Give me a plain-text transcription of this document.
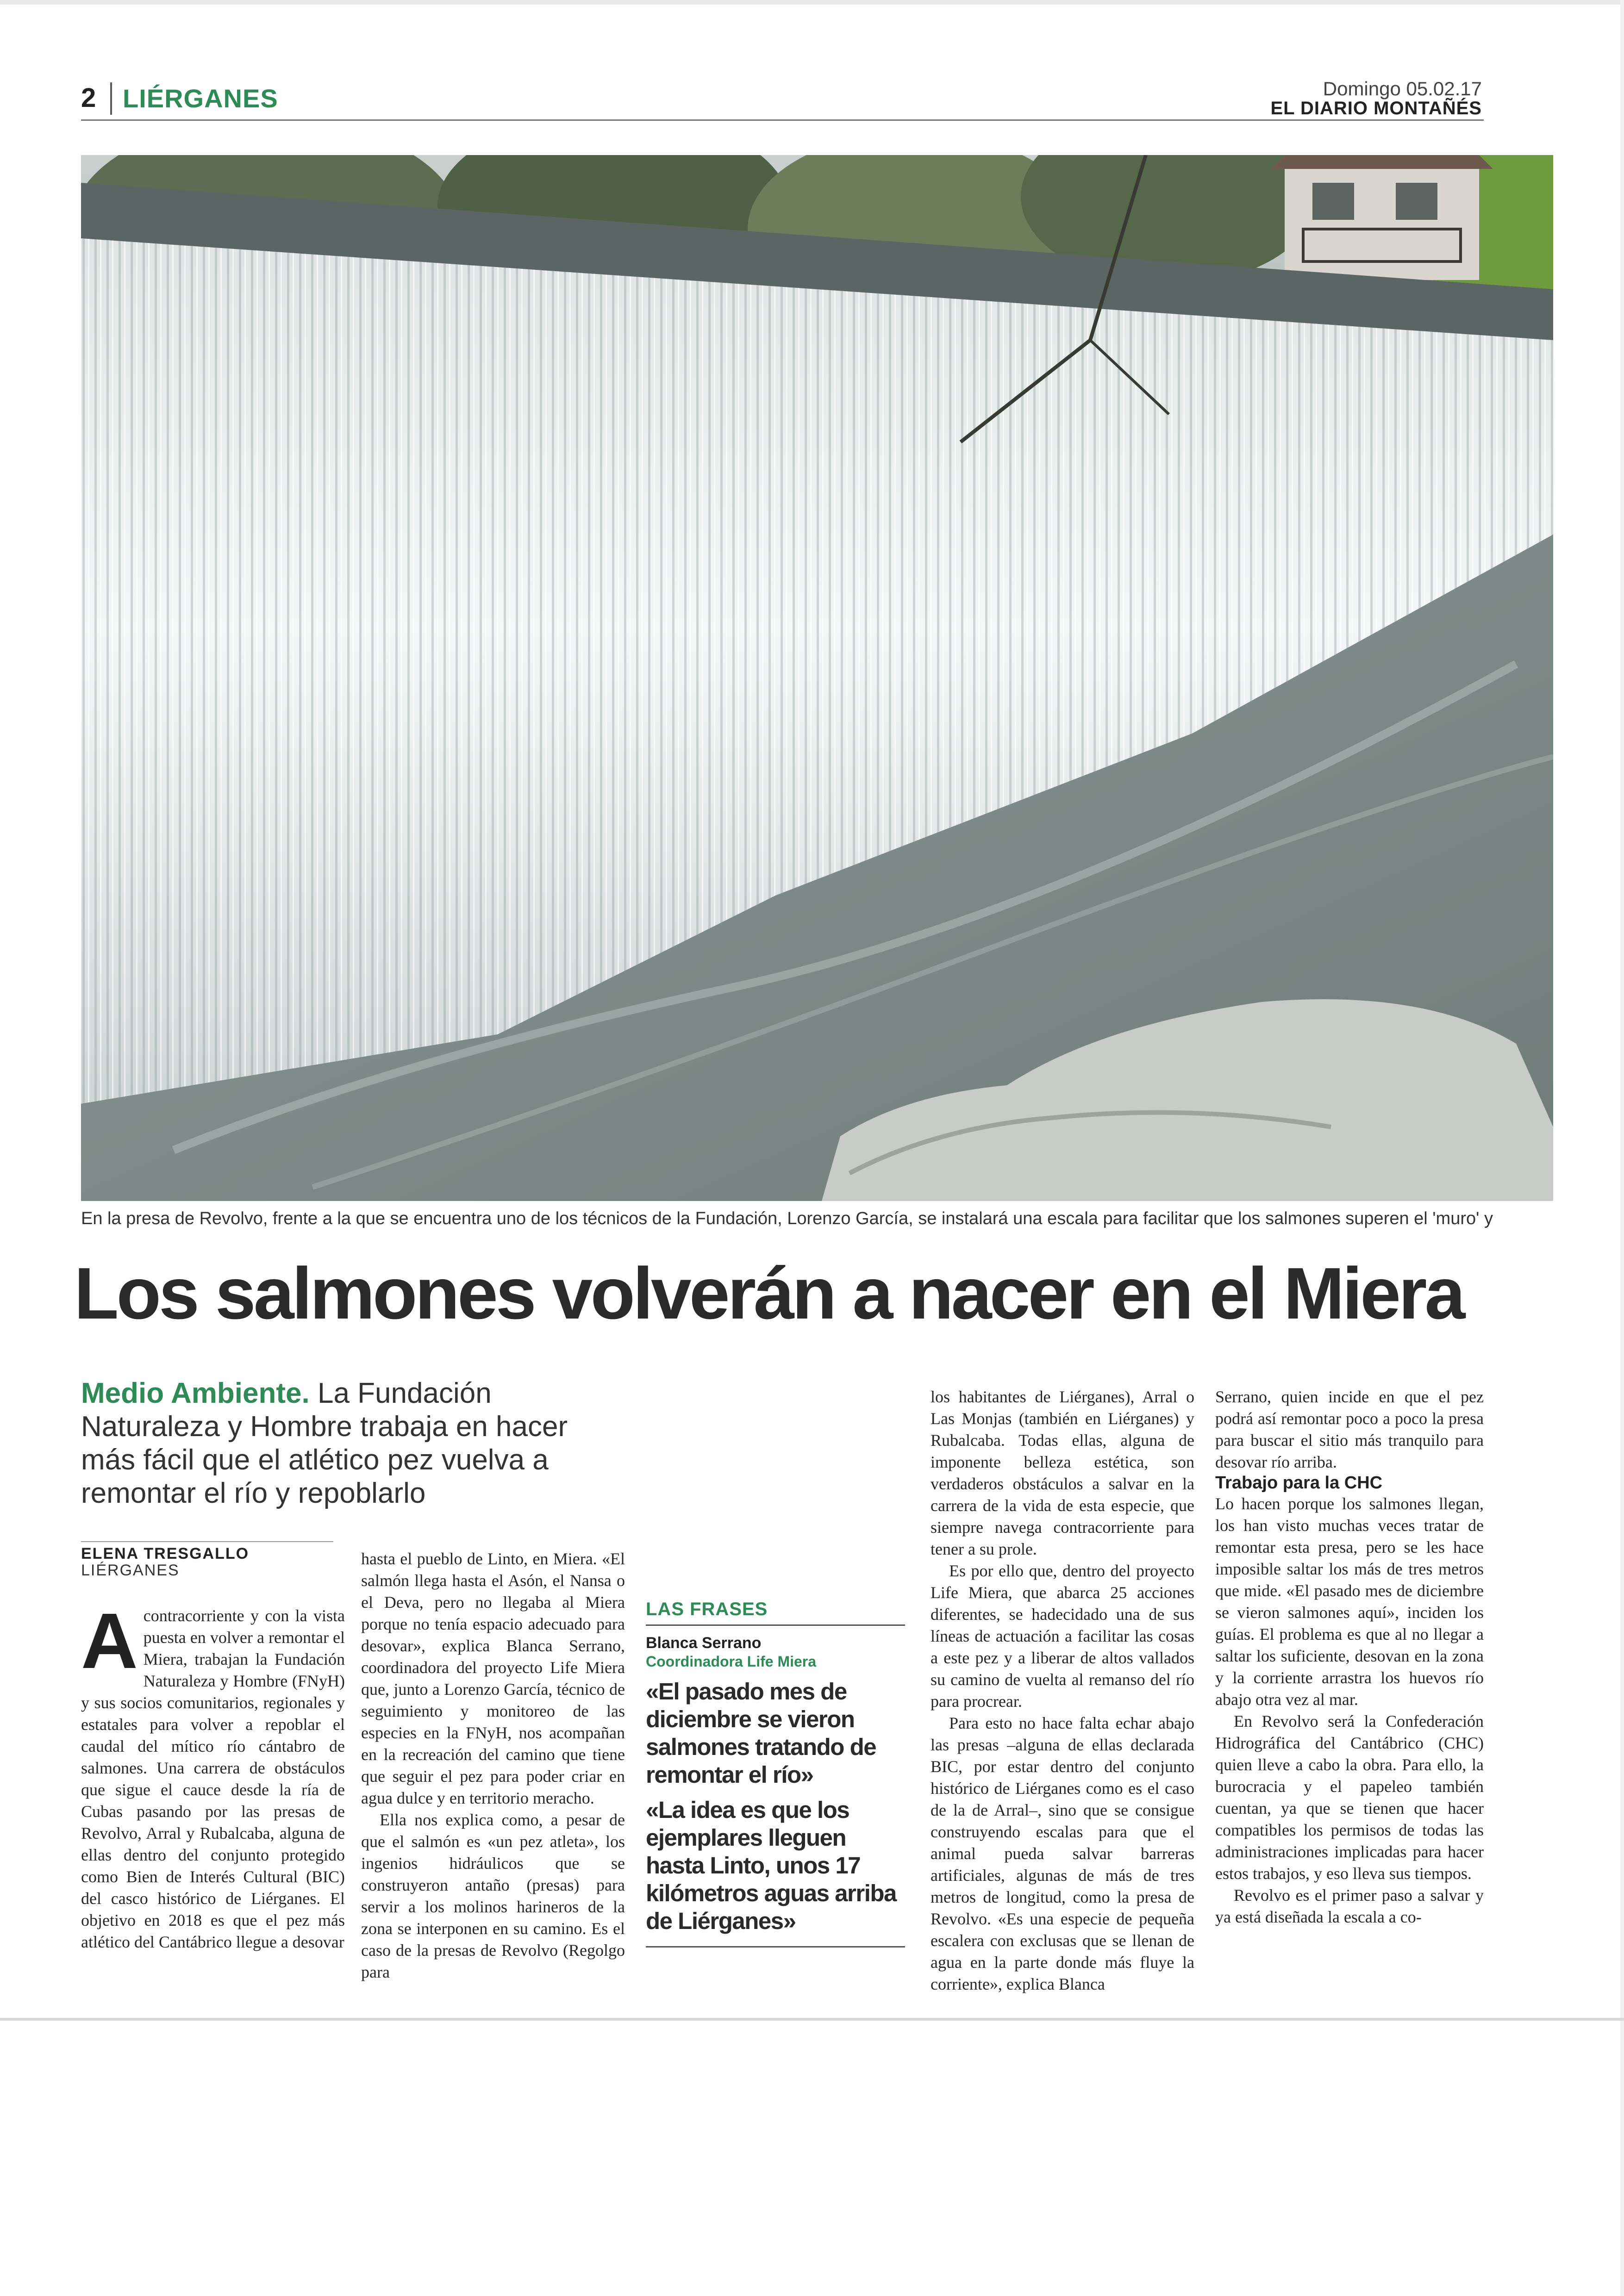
2 LIÉRGANES	Domingo 05.02.17
EL DIARIO MONTAÑÉS
En la presa de Revolvo, frente a la que se encuentra uno de los técnicos de la Fundación, Lorenzo García, se instalará una escala para facilitar que los salmones superen el 'muro' y
Los salmones volverán a nacer en el Miera
Medio Ambiente. La Fundación Naturaleza y Hombre trabaja en hacer más fácil que el atlético pez vuelva a remontar el río y repoblarlo
ELENA TRESGALLO
LIÉRGANES

Acontracorriente y con la vista puesta en volver a remontar el Miera, trabajan la Fundación Naturaleza y Hombre (FNyH) y sus socios comunitarios, regionales y estatales para volver a repoblar el caudal del mítico río cántabro de salmones. Una carrera de obstáculos que sigue el cauce desde la ría de Cubas pasando por las presas de Revolvo, Arral y Rubalcaba, alguna de ellas dentro del conjunto protegido como Bien de Interés Cultural (BIC) del casco histórico de Liérganes. El objetivo en 2018 es que el pez más atlético del Cantábrico llegue a desovar

hasta el pueblo de Linto, en Miera. «El salmón llega hasta el Asón, el Nansa o el Deva, pero no llegaba al Miera porque no tenía espacio adecuado para desovar», explica Blanca Serrano, coordinadora del proyecto Life Miera que, junto a Lorenzo García, técnico de seguimiento y monitoreo de las especies en la FNyH, nos acompañan en la recreación del camino que tiene que seguir el pez para poder criar en agua dulce y en territorio meracho.

Ella nos explica como, a pesar de que el salmón es «un pez atleta», los ingenios hidráulicos que se construyeron antaño (presas) para servir a los molinos harineros de la zona se interponen en su camino. Es el caso de la presas de Revolvo (Regolgo para

LAS FRASES
Blanca Serrano
Coordinadora Life Miera
«El pasado mes de diciembre se vieron salmones tratando de remontar el río»
«La idea es que los ejemplares lleguen hasta Linto, unos 17 kilómetros aguas arriba de Liérganes»

los habitantes de Liérganes), Arral o Las Monjas (también en Liérganes) y Rubalcaba. Todas ellas, alguna de imponente belleza estética, son verdaderos obstáculos a salvar en la carrera de la vida de esta especie, que siempre navega contracorriente para tener a su prole.

Es por ello que, dentro del proyecto Life Miera, que abarca 25 acciones diferentes, se hadecidado una de sus líneas de actuación a facilitar las cosas a este pez y a liberar de altos vallados su camino de vuelta al remanso del río para procrear.

Para esto no hace falta echar abajo las presas –alguna de ellas declarada BIC, por estar dentro del conjunto histórico de Liérganes como es el caso de la de Arral–, sino que se consigue construyendo escalas para que el animal pueda salvar barreras artificiales, algunas de más de tres metros de longitud, como la presa de Revolvo. «Es una especie de pequeña escalera con exclusas que se llenan de agua en la parte donde más fluye la corriente», explica Blanca

Serrano, quien incide en que el pez podrá así remontar poco a poco la presa para buscar el sitio más tranquilo para desovar río arriba.

Trabajo para la CHC

Lo hacen porque los salmones llegan, los han visto muchas veces tratar de remontar esta presa, pero se les hace imposible saltar los más de tres metros que mide. «El pasado mes de diciembre se vieron salmones aquí», inciden los guías. El problema es que al no llegar a saltar los suficiente, desovan en la zona y la corriente arrastra los huevos río abajo otra vez al mar.

En Revolvo será la Confederación Hidrográfica del Cantábrico (CHC) quien lleve a cabo la obra. Para ello, la burocracia y el papeleo también cuentan, ya que se tienen que hacer compatibles los permisos de todas las administraciones implicadas para hacer estos trabajos, y eso lleva sus tiempos.

Revolvo es el primer paso a salvar y ya está diseñada la escala a co-
